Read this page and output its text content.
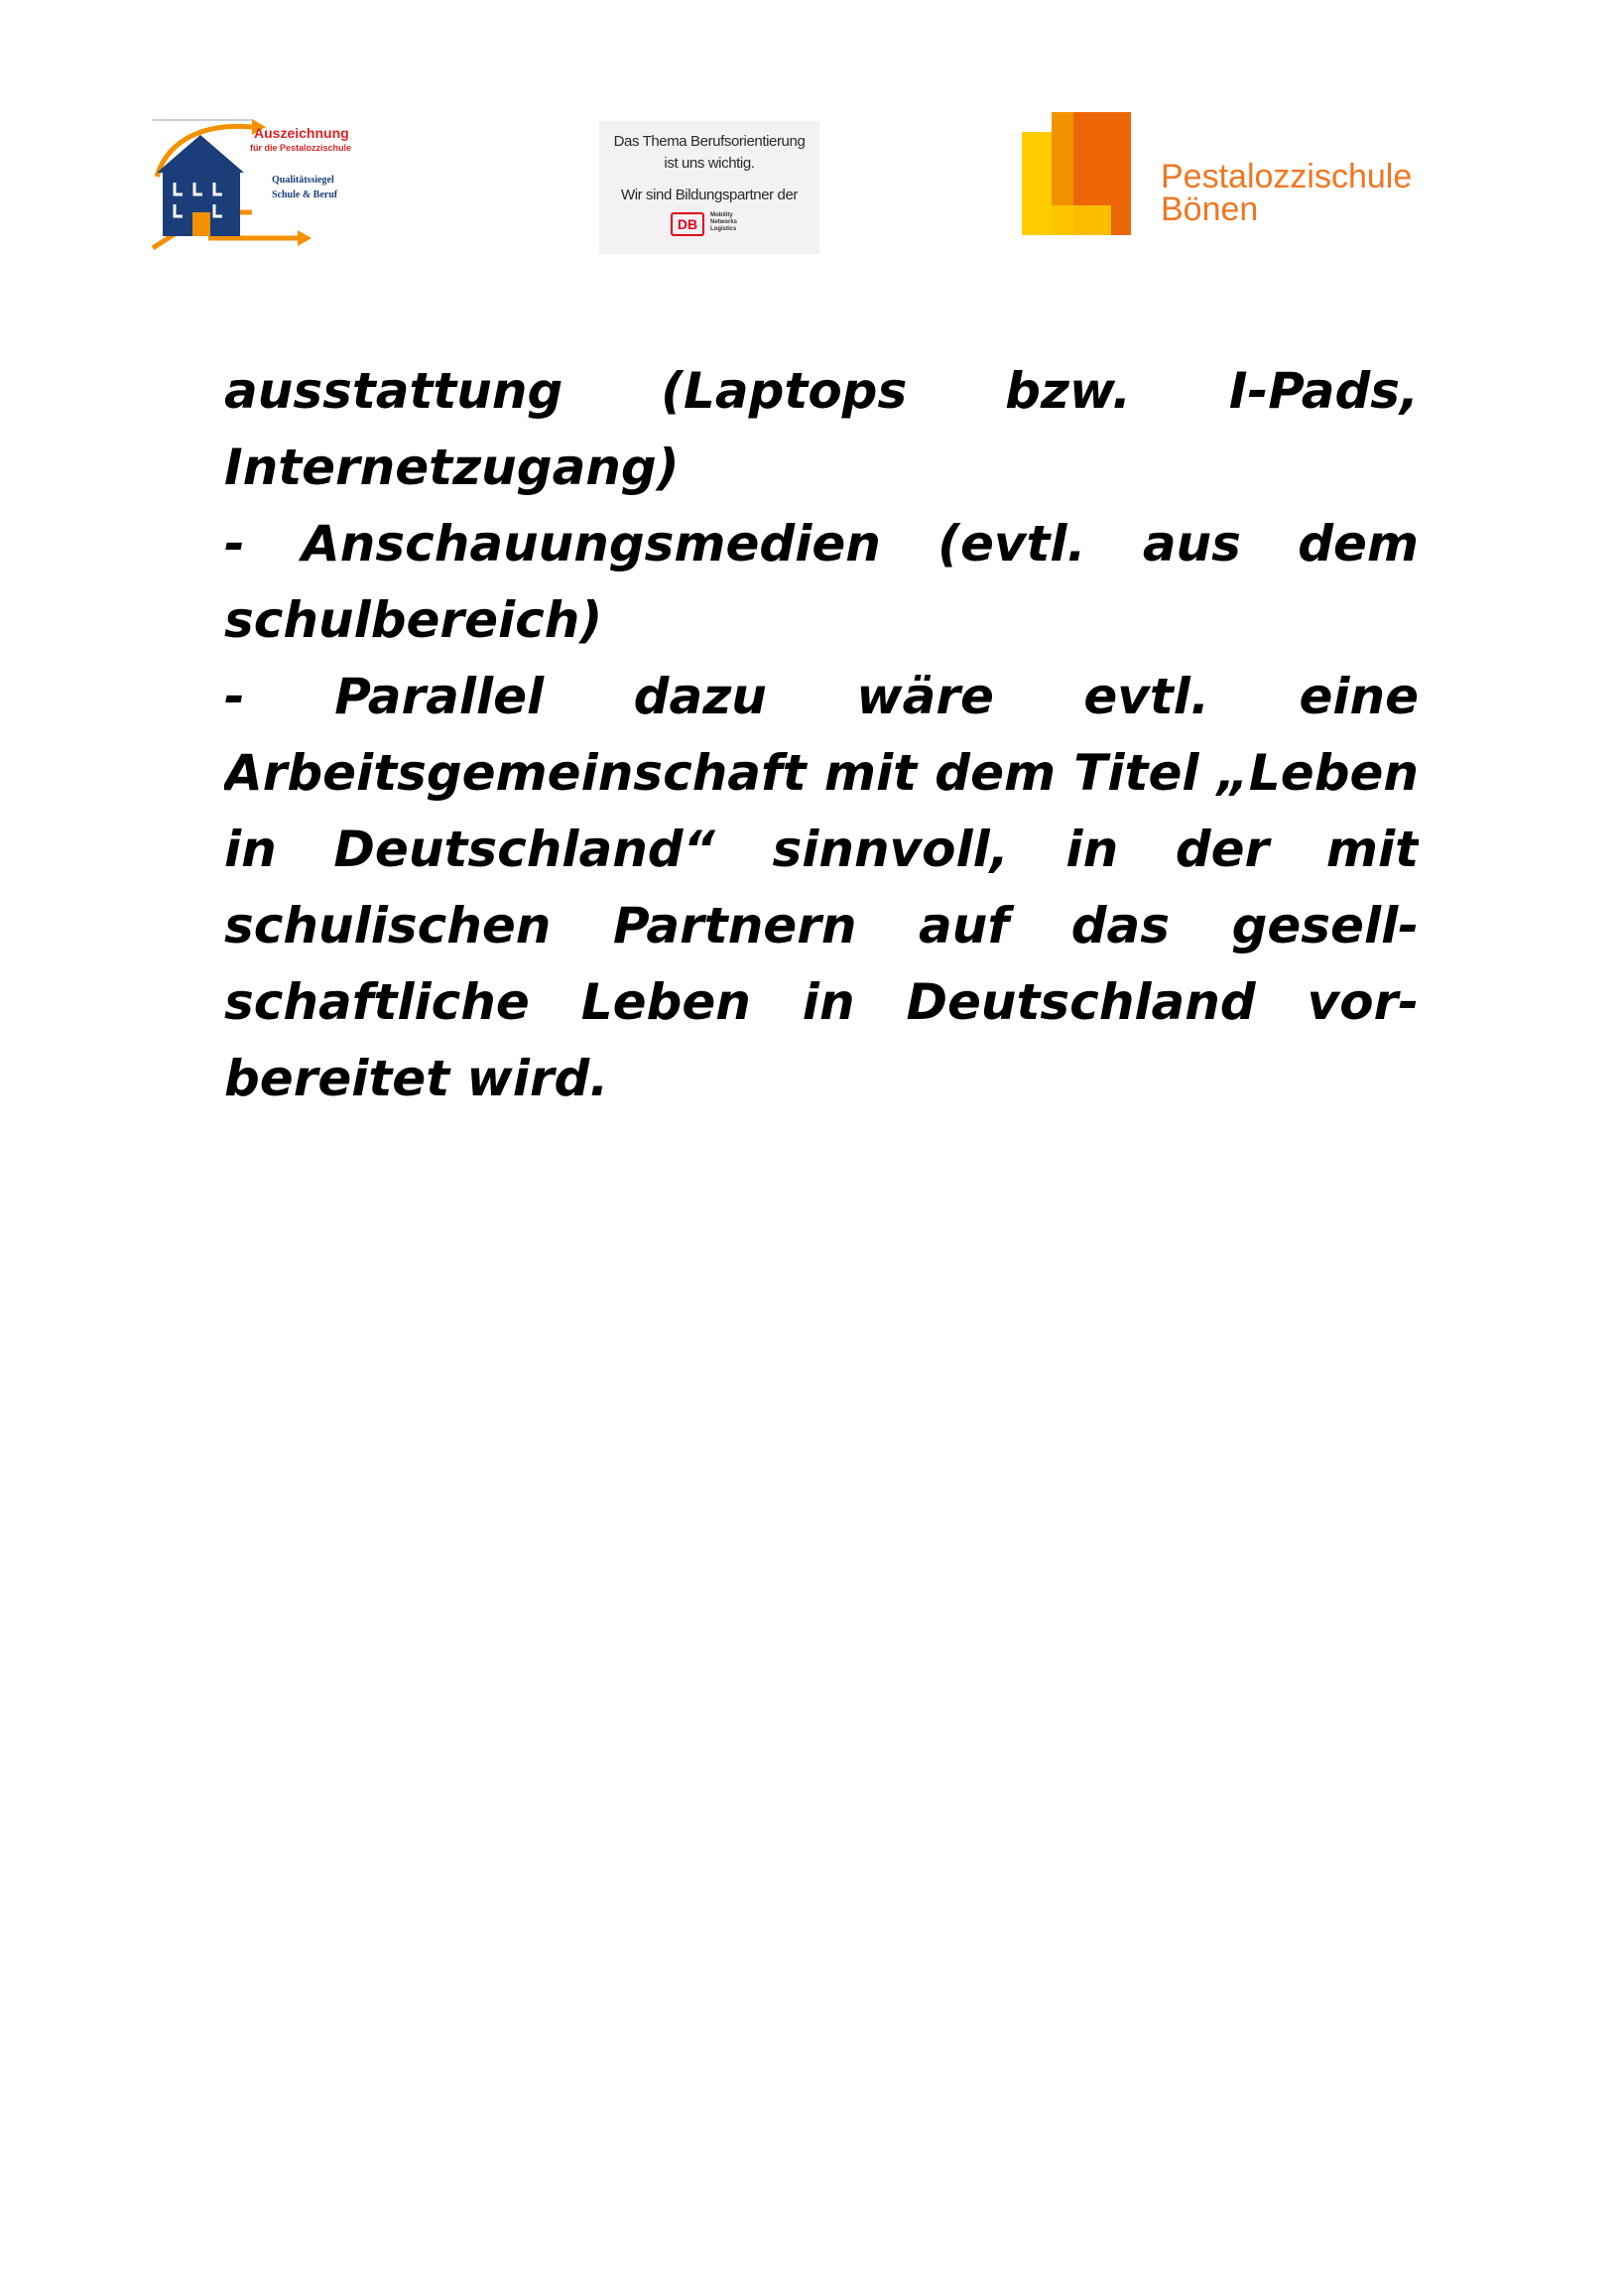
Auszeichnung
für die Pestalozzischule
Qualitätssiegel
Schule & Beruf
Das Thema Berufsorientierung
ist uns wichtig.
Wir sind Bildungspartner der
DB
Mobility Networks Logistics
Pestalozzischule
Bönen
ausstattung (Laptops bzw. I-Pads,
Internetzugang)
- Anschauungsmedien (evtl. aus dem
schulbereich)
- Parallel dazu wäre evtl. eine
Arbeitsgemeinschaft mit dem Titel „Leben
in Deutschland“ sinnvoll, in der mit
schulischen Partnern auf das gesell-
schaftliche Leben in Deutschland vor-
bereitet wird.
